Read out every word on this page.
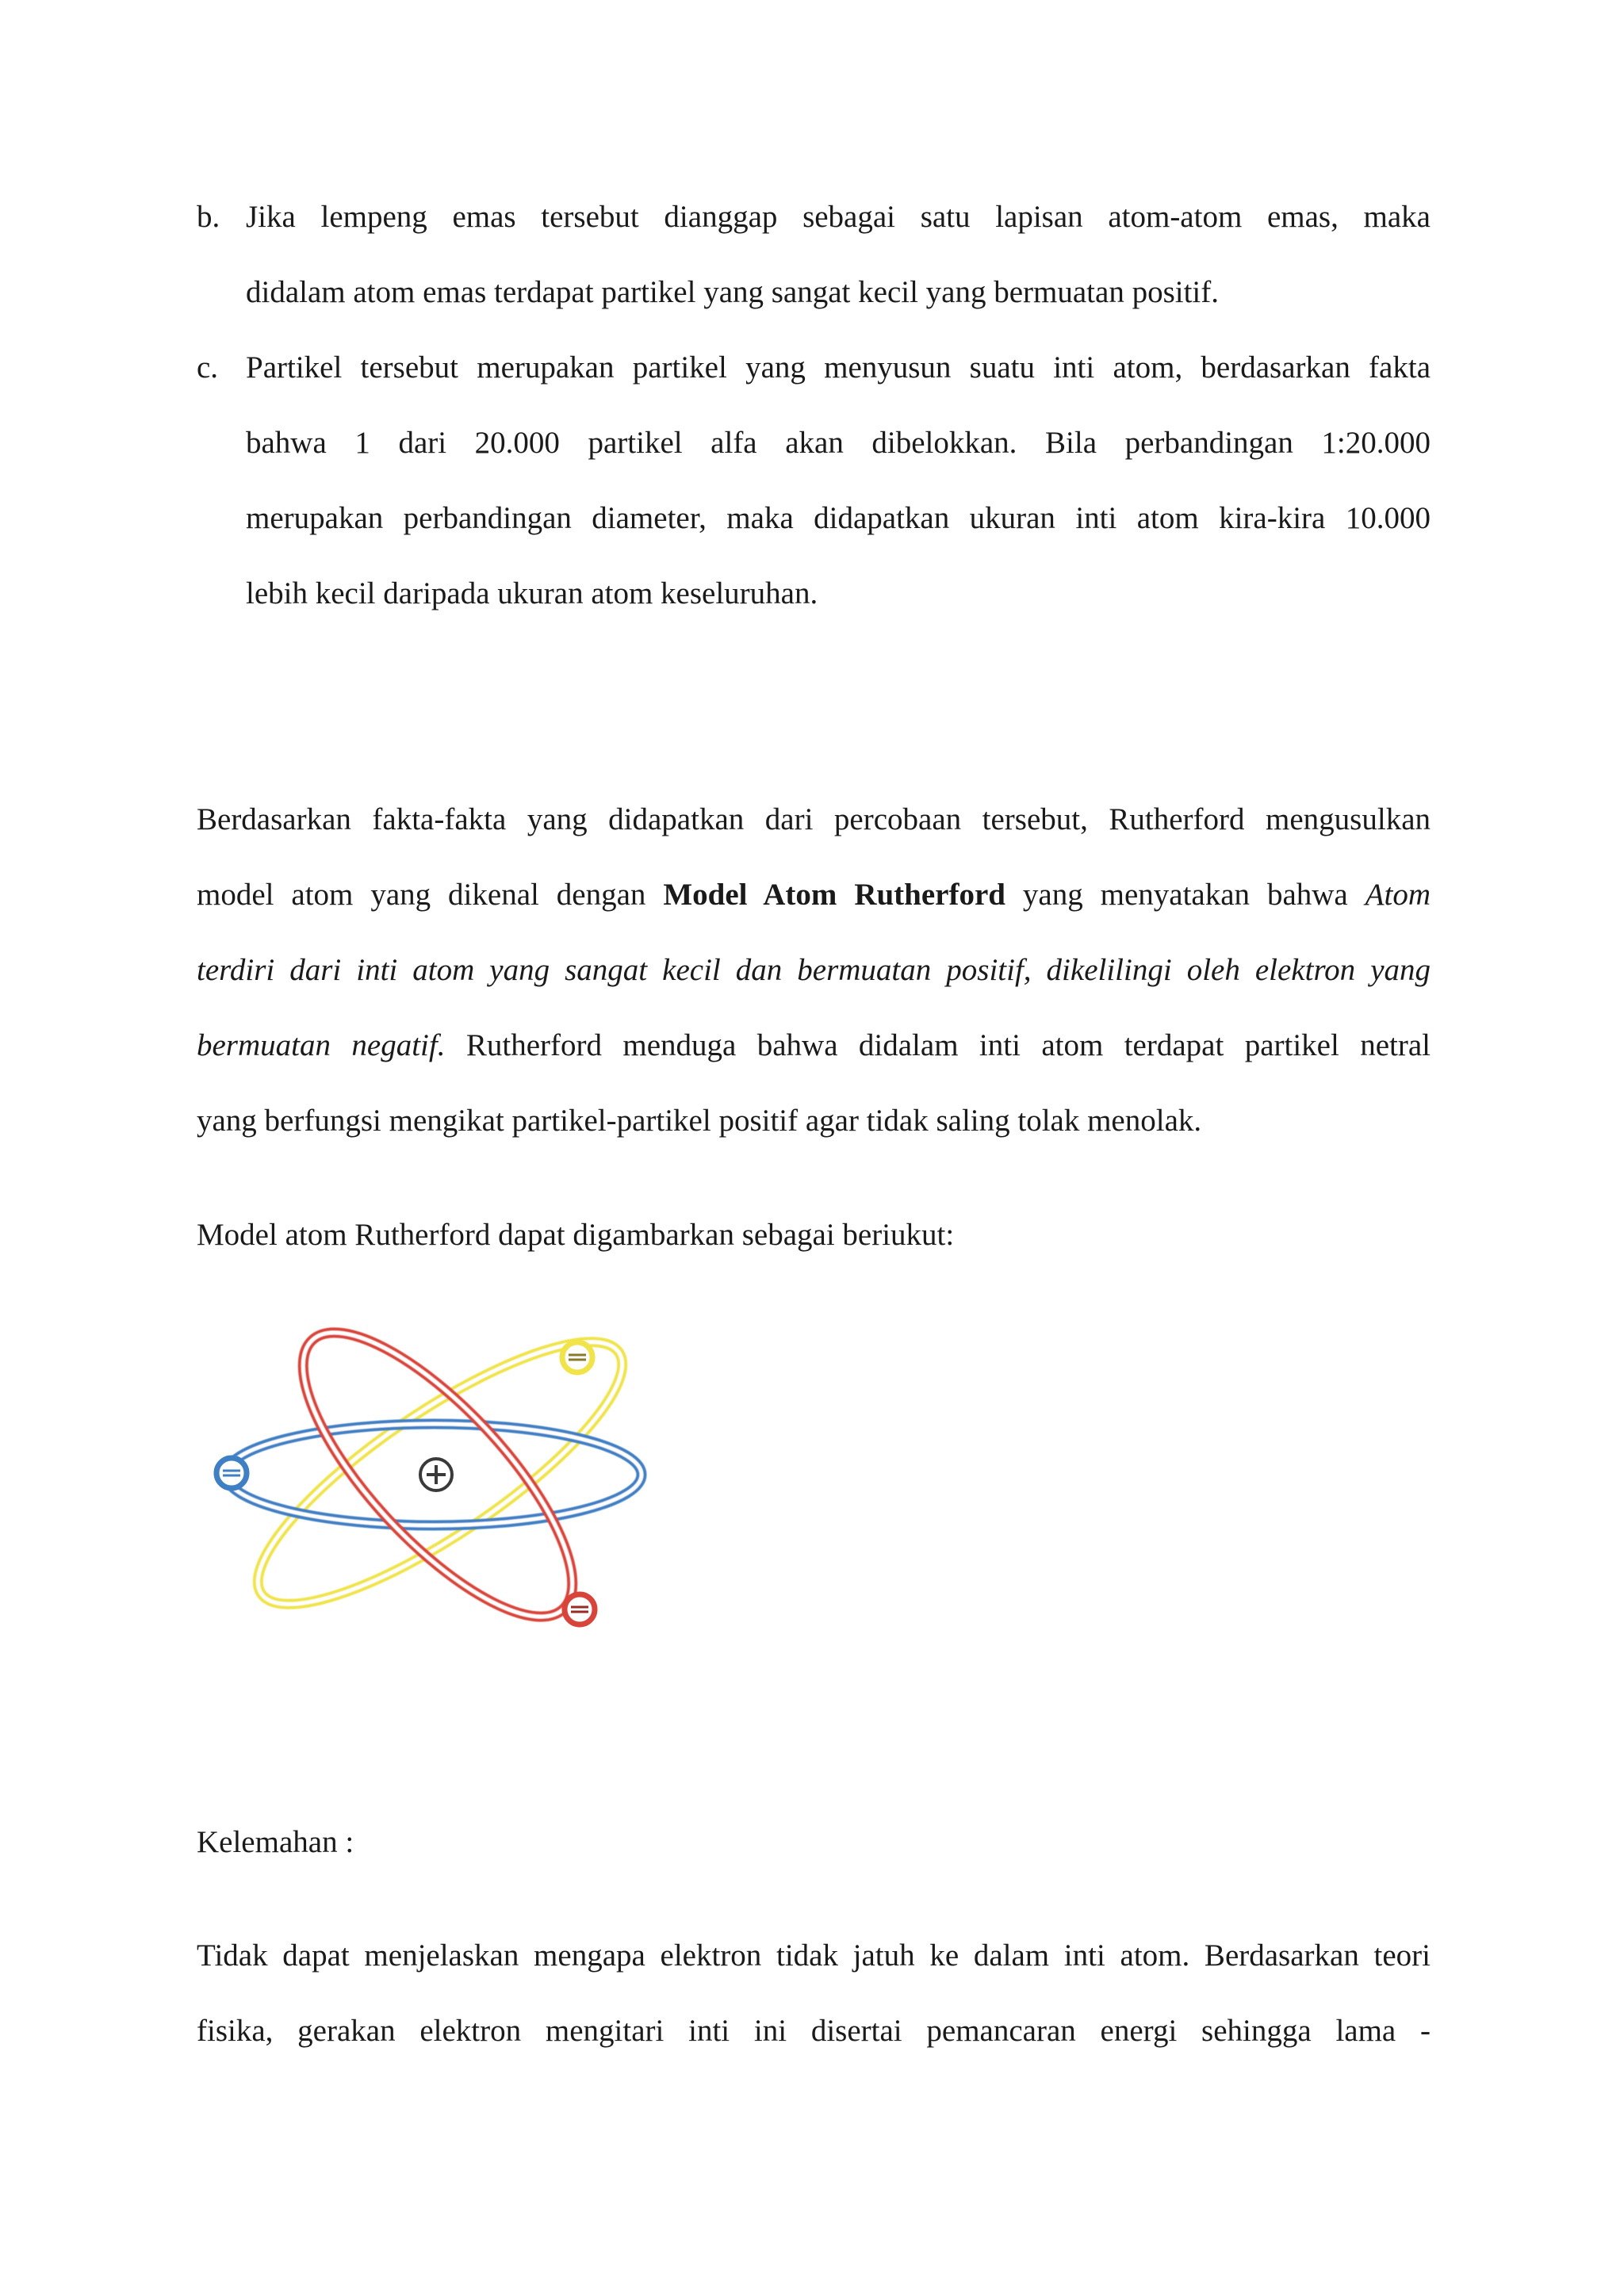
b. Jika lempeng emas tersebut dianggap sebagai satu lapisan atom-atom emas, maka
didalam atom emas terdapat partikel yang sangat kecil yang bermuatan positif.
c. Partikel tersebut merupakan partikel yang menyusun suatu inti atom, berdasarkan fakta
bahwa 1 dari 20.000 partikel alfa akan dibelokkan. Bila perbandingan 1:20.000
merupakan perbandingan diameter, maka didapatkan ukuran inti atom kira-kira 10.000
lebih kecil daripada ukuran atom keseluruhan.
Berdasarkan fakta-fakta yang didapatkan dari percobaan tersebut, Rutherford mengusulkan
model atom yang dikenal dengan Model Atom Rutherford yang menyatakan bahwa Atom
terdiri dari inti atom yang sangat kecil dan bermuatan positif, dikelilingi oleh elektron yang
bermuatan negatif. Rutherford menduga bahwa didalam inti atom terdapat partikel netral
yang berfungsi mengikat partikel-partikel positif agar tidak saling tolak menolak.
Model atom Rutherford dapat digambarkan sebagai beriukut:
Kelemahan :
Tidak dapat menjelaskan mengapa elektron tidak jatuh ke dalam inti atom. Berdasarkan teori
fisika, gerakan elektron mengitari inti ini disertai pemancaran energi sehingga lama -
